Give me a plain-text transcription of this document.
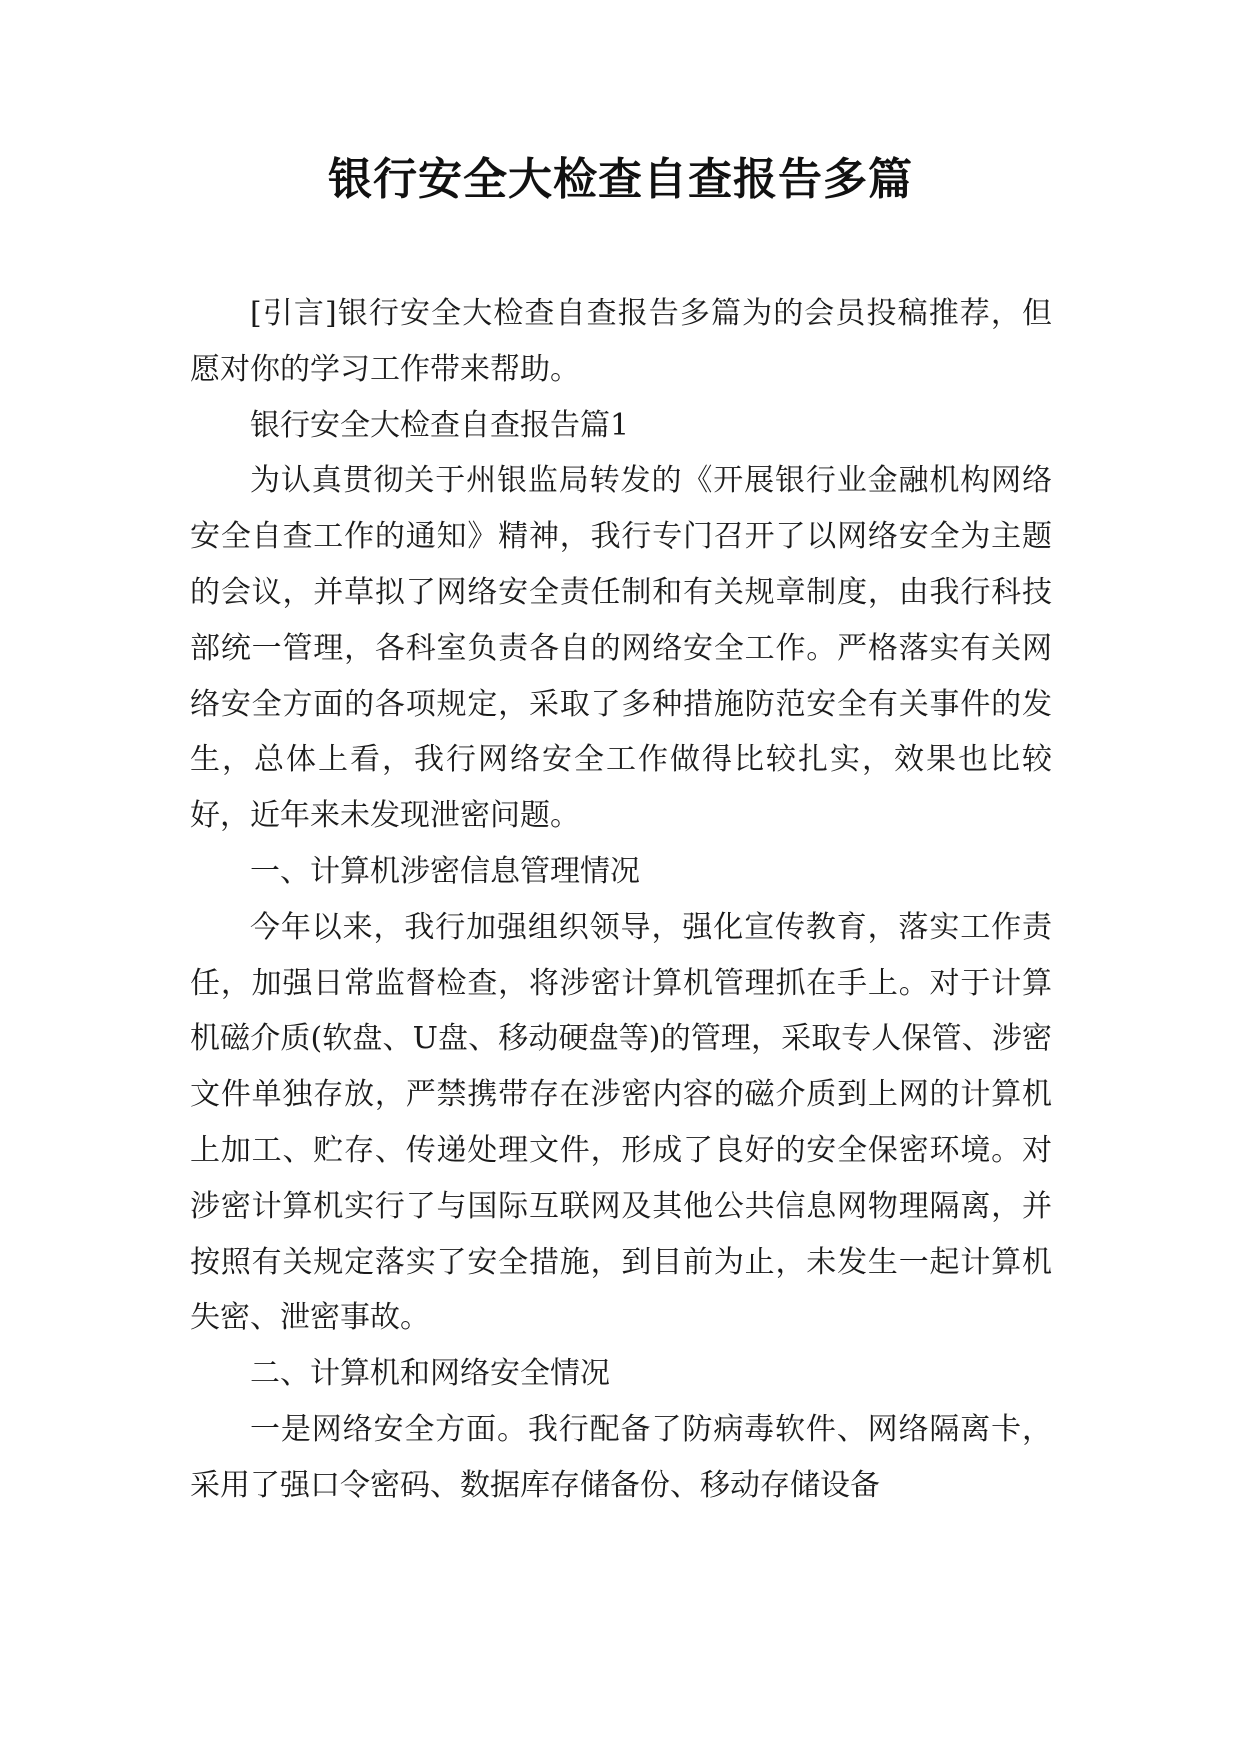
银行安全大检查自查报告多篇

[引言]银行安全大检查自查报告多篇为的会员投稿推荐，但愿对你的学习工作带来帮助。

银行安全大检查自查报告篇1

为认真贯彻关于州银监局转发的《开展银行业金融机构网络安全自查工作的通知》精神，我行专门召开了以网络安全为主题的会议，并草拟了网络安全责任制和有关规章制度，由我行科技部统一管理，各科室负责各自的网络安全工作。严格落实有关网络安全方面的各项规定，采取了多种措施防范安全有关事件的发生，总体上看，我行网络安全工作做得比较扎实，效果也比较好，近年来未发现泄密问题。

一、计算机涉密信息管理情况

今年以来，我行加强组织领导，强化宣传教育，落实工作责任，加强日常监督检查，将涉密计算机管理抓在手上。对于计算机磁介质(软盘、U盘、移动硬盘等)的管理，采取专人保管、涉密文件单独存放，严禁携带存在涉密内容的磁介质到上网的计算机上加工、贮存、传递处理文件，形成了良好的安全保密环境。对涉密计算机实行了与国际互联网及其他公共信息网物理隔离，并按照有关规定落实了安全措施，到目前为止，未发生一起计算机失密、泄密事故。

二、计算机和网络安全情况

一是网络安全方面。我行配备了防病毒软件、网络隔离卡，采用了强口令密码、数据库存储备份、移动存储设备
